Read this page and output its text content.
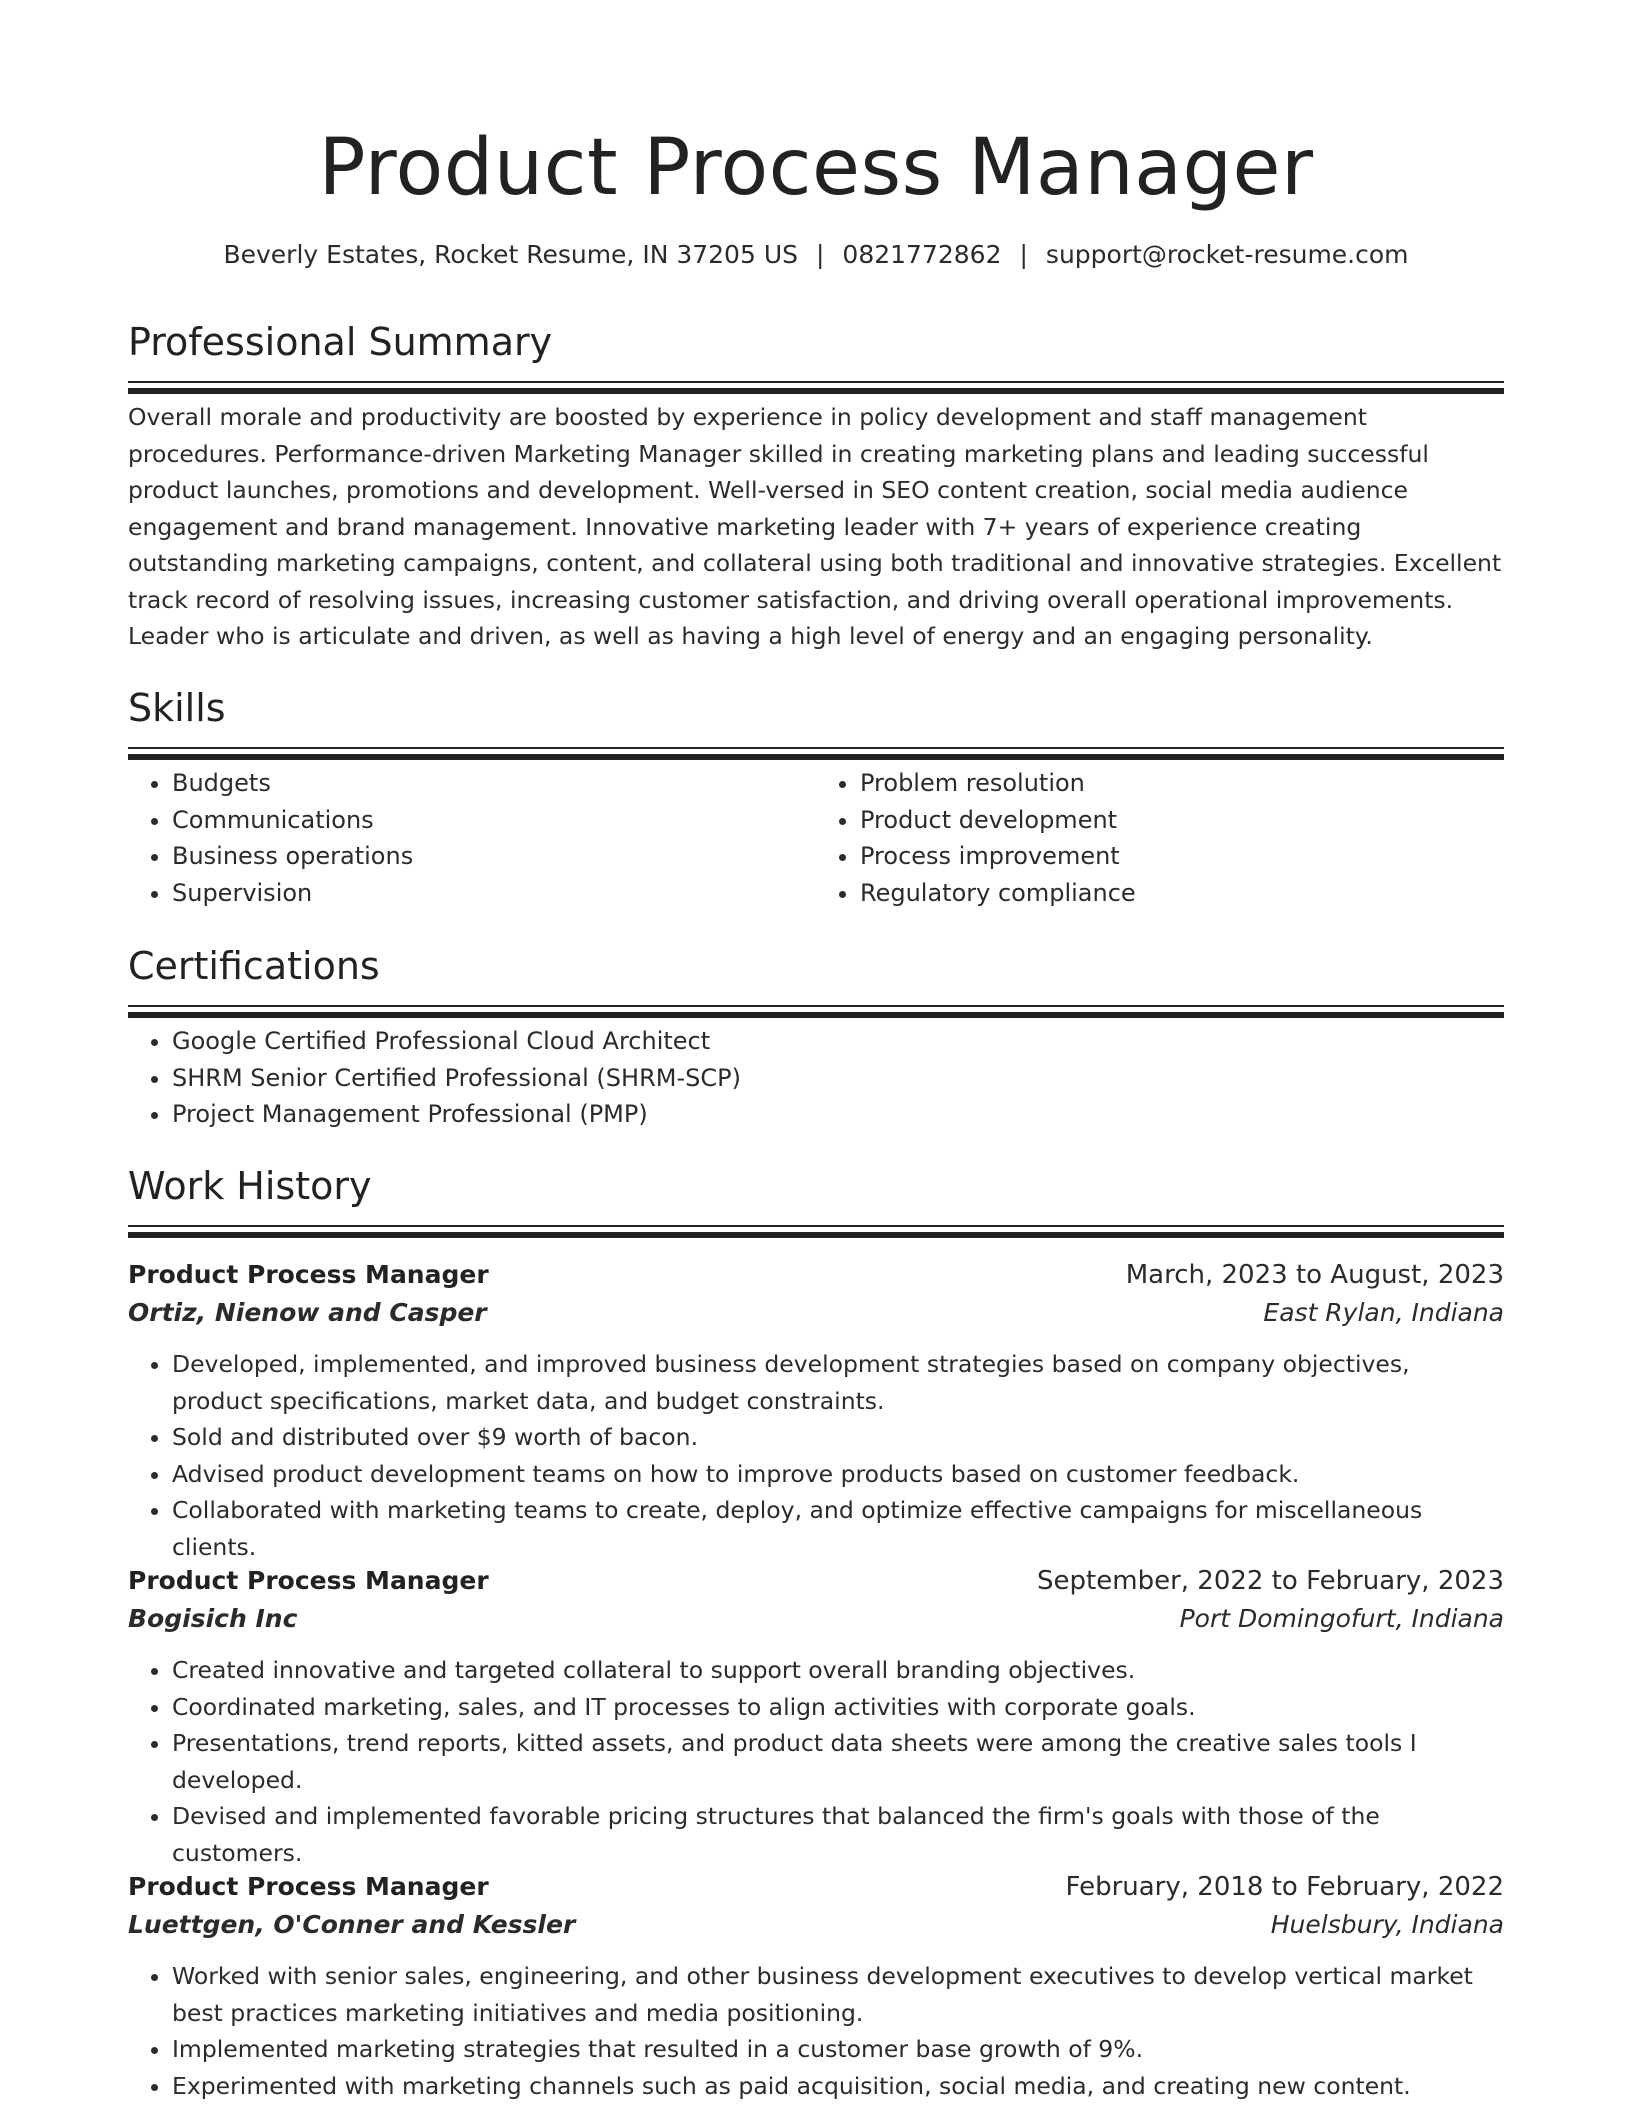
Product Process Manager
Beverly Estates, Rocket Resume, IN 37205 US | 0821772862 | support@rocket-resume.com
Professional Summary

Overall morale and productivity are boosted by experience in policy development and staff management procedures. Performance-driven Marketing Manager skilled in creating marketing plans and leading successful product launches, promotions and development. Well-versed in SEO content creation, social media audience engagement and brand management. Innovative marketing leader with 7+ years of experience creating outstanding marketing campaigns, content, and collateral using both traditional and innovative strategies. Excellent track record of resolving issues, increasing customer satisfaction, and driving overall operational improvements. Leader who is articulate and driven, as well as having a high level of energy and an engaging personality.

Skills
• Budgets
• Communications
• Business operations
• Supervision
• Problem resolution
• Product development
• Process improvement
• Regulatory compliance
Certifications
• Google Certified Professional Cloud Architect
• SHRM Senior Certified Professional (SHRM-SCP)
• Project Management Professional (PMP)
Work History
Product Process Manager	March, 2023 to August, 2023
Ortiz, Nienow and Casper	East Rylan, Indiana
• Developed, implemented, and improved business development strategies based on company objectives, product specifications, market data, and budget constraints.
• Sold and distributed over $9 worth of bacon.
• Advised product development teams on how to improve products based on customer feedback.
• Collaborated with marketing teams to create, deploy, and optimize effective campaigns for miscellaneous clients.
Product Process Manager	September, 2022 to February, 2023
Bogisich Inc	Port Domingofurt, Indiana
• Created innovative and targeted collateral to support overall branding objectives.
• Coordinated marketing, sales, and IT processes to align activities with corporate goals.
• Presentations, trend reports, kitted assets, and product data sheets were among the creative sales tools I developed.
• Devised and implemented favorable pricing structures that balanced the firm's goals with those of the customers.
Product Process Manager	February, 2018 to February, 2022
Luettgen, O'Conner and Kessler	Huelsbury, Indiana
• Worked with senior sales, engineering, and other business development executives to develop vertical market best practices marketing initiatives and media positioning.
• Implemented marketing strategies that resulted in a customer base growth of 9%.
• Experimented with marketing channels such as paid acquisition, social media, and creating new content.
